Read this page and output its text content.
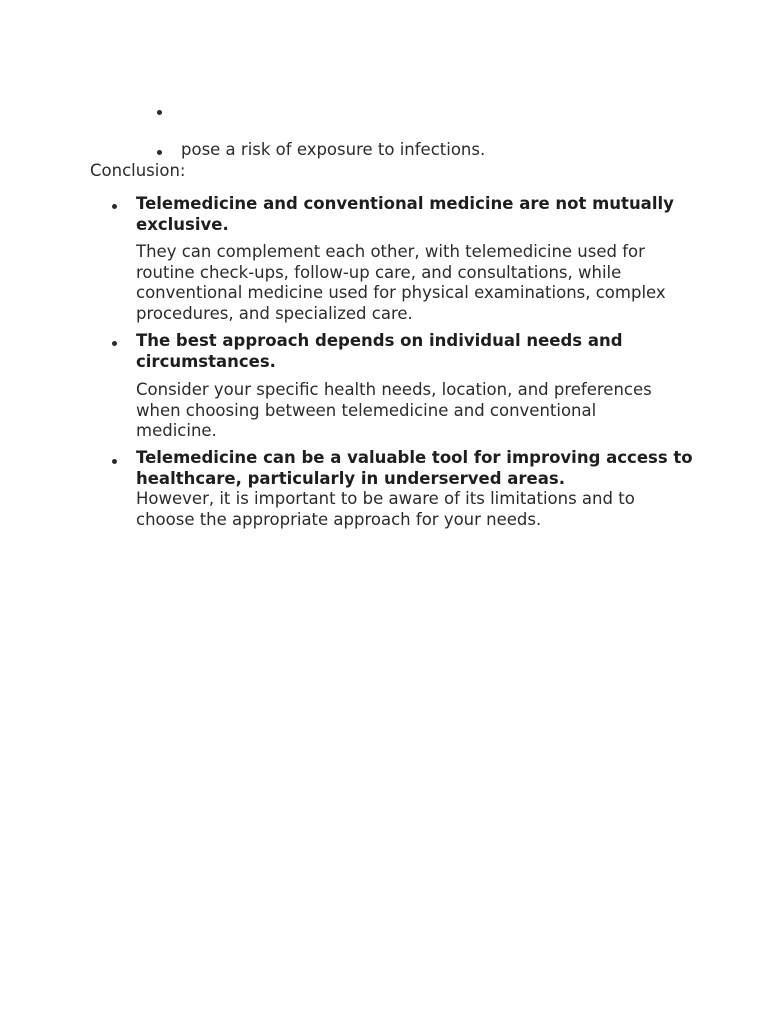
pose a risk of exposure to infections.
Conclusion:
Telemedicine and conventional medicine are not mutually exclusive.
They can complement each other, with telemedicine used for routine check-ups, follow-up care, and consultations, while conventional medicine used for physical examinations, complex procedures, and specialized care.
The best approach depends on individual needs and circumstances.
Consider your specific health needs, location, and preferences when choosing between telemedicine and conventional medicine.
Telemedicine can be a valuable tool for improving access to healthcare, particularly in underserved areas.
However, it is important to be aware of its limitations and to choose the appropriate approach for your needs.
